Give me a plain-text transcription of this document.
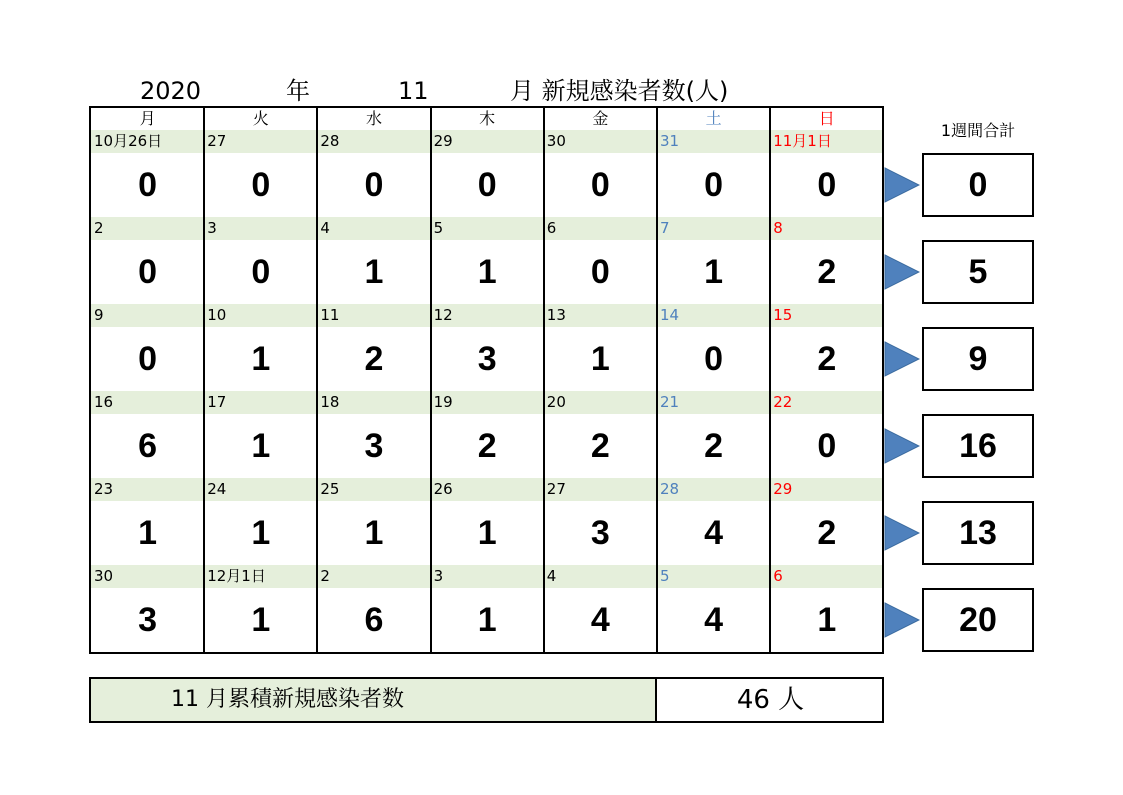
2020	年	11	月 新規感染者数(人)
月	火	水	木	金	土	日
10月26日	27	28	29	30	31	11月1日
0	0	0	0	0	0	0
2	3	4	5	6	7	8
0	0	1	1	0	1	2
9	10	11	12	13	14	15
0	1	2	3	1	0	2
16	17	18	19	20	21	22
6	1	3	2	2	2	0
23	24	25	26	27	28	29
1	1	1	1	3	4	2
30	12月1日	2	3	4	5	6
3	1	6	1	4	4	1
1週間合計
0
5
9
16
13
20
11 月累積新規感染者数	46 人
